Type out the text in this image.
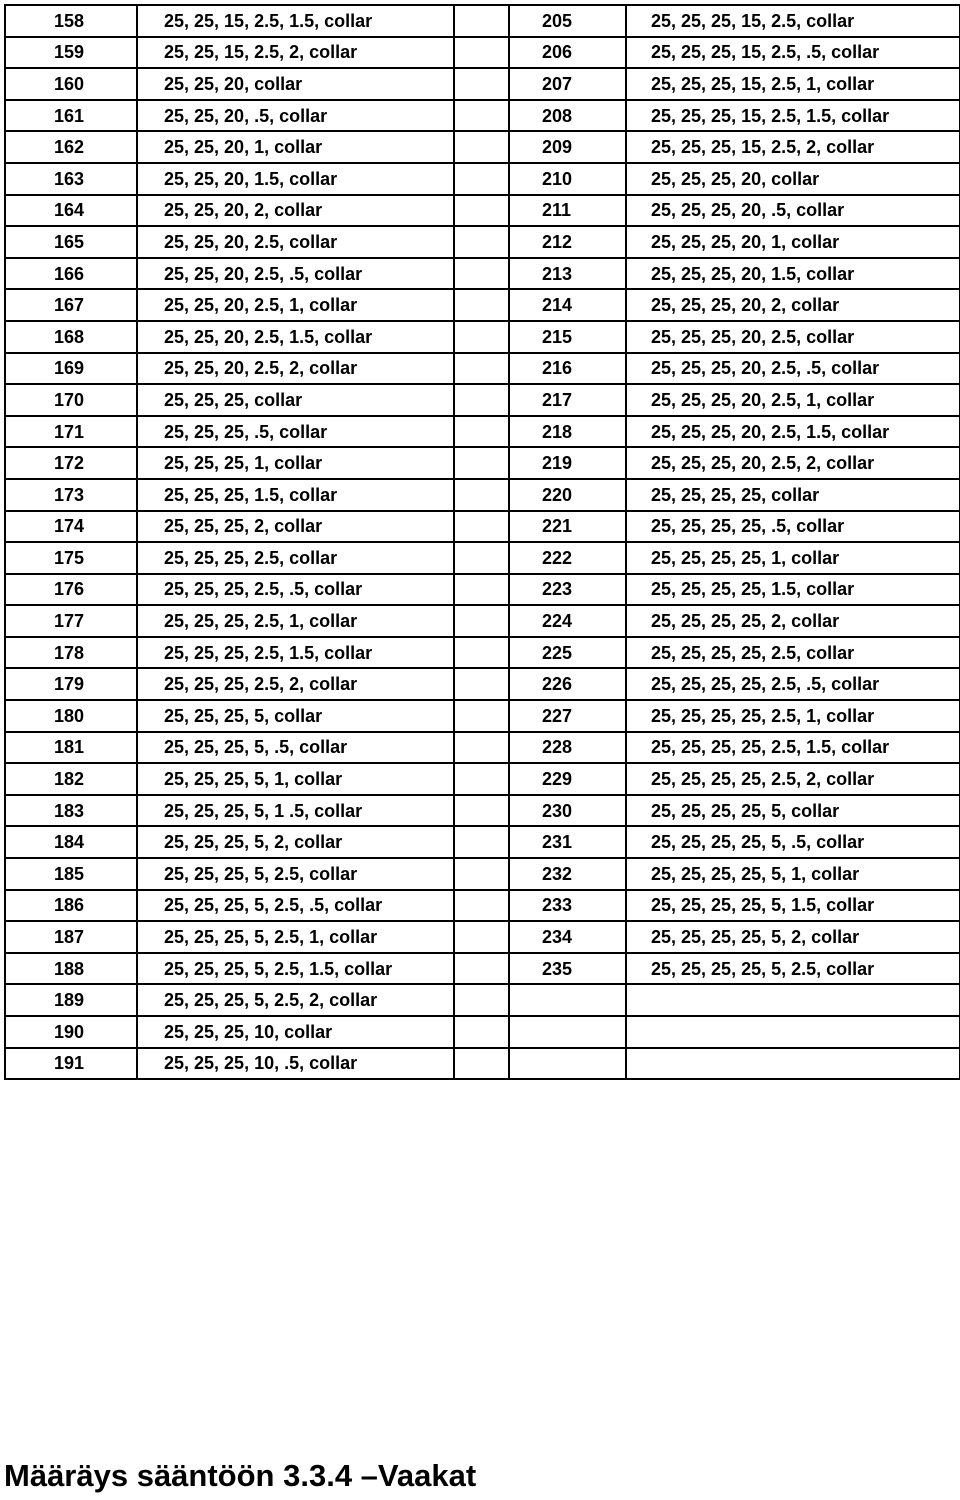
158	25, 25, 15, 2.5, 1.5, collar		205	25, 25, 25, 15, 2.5, collar
159	25, 25, 15, 2.5, 2, collar		206	25, 25, 25, 15, 2.5, .5, collar
160	25, 25, 20, collar		207	25, 25, 25, 15, 2.5, 1, collar
161	25, 25, 20, .5, collar		208	25, 25, 25, 15, 2.5, 1.5, collar
162	25, 25, 20, 1, collar		209	25, 25, 25, 15, 2.5, 2, collar
163	25, 25, 20, 1.5, collar		210	25, 25, 25, 20, collar
164	25, 25, 20, 2, collar		211	25, 25, 25, 20, .5, collar
165	25, 25, 20, 2.5, collar		212	25, 25, 25, 20, 1, collar
166	25, 25, 20, 2.5, .5, collar		213	25, 25, 25, 20, 1.5, collar
167	25, 25, 20, 2.5, 1, collar		214	25, 25, 25, 20, 2, collar
168	25, 25, 20, 2.5, 1.5, collar		215	25, 25, 25, 20, 2.5, collar
169	25, 25, 20, 2.5, 2, collar		216	25, 25, 25, 20, 2.5, .5, collar
170	25, 25, 25, collar		217	25, 25, 25, 20, 2.5, 1, collar
171	25, 25, 25, .5, collar		218	25, 25, 25, 20, 2.5, 1.5, collar
172	25, 25, 25, 1, collar		219	25, 25, 25, 20, 2.5, 2, collar
173	25, 25, 25, 1.5, collar		220	25, 25, 25, 25, collar
174	25, 25, 25, 2, collar		221	25, 25, 25, 25, .5, collar
175	25, 25, 25, 2.5, collar		222	25, 25, 25, 25, 1, collar
176	25, 25, 25, 2.5, .5, collar		223	25, 25, 25, 25, 1.5, collar
177	25, 25, 25, 2.5, 1, collar		224	25, 25, 25, 25, 2, collar
178	25, 25, 25, 2.5, 1.5, collar		225	25, 25, 25, 25, 2.5, collar
179	25, 25, 25, 2.5, 2, collar		226	25, 25, 25, 25, 2.5, .5, collar
180	25, 25, 25, 5, collar		227	25, 25, 25, 25, 2.5, 1, collar
181	25, 25, 25, 5, .5, collar		228	25, 25, 25, 25, 2.5, 1.5, collar
182	25, 25, 25, 5, 1, collar		229	25, 25, 25, 25, 2.5, 2, collar
183	25, 25, 25, 5, 1 .5, collar		230	25, 25, 25, 25, 5, collar
184	25, 25, 25, 5, 2, collar		231	25, 25, 25, 25, 5, .5, collar
185	25, 25, 25, 5, 2.5, collar		232	25, 25, 25, 25, 5, 1, collar
186	25, 25, 25, 5, 2.5, .5, collar		233	25, 25, 25, 25, 5, 1.5, collar
187	25, 25, 25, 5, 2.5, 1, collar		234	25, 25, 25, 25, 5, 2, collar
188	25, 25, 25, 5, 2.5, 1.5, collar		235	25, 25, 25, 25, 5, 2.5, collar
189	25, 25, 25, 5, 2.5, 2, collar			
190	25, 25, 25, 10, collar			
191	25, 25, 25, 10, .5, collar			
Määräys sääntöön 3.3.4 –Vaakat
